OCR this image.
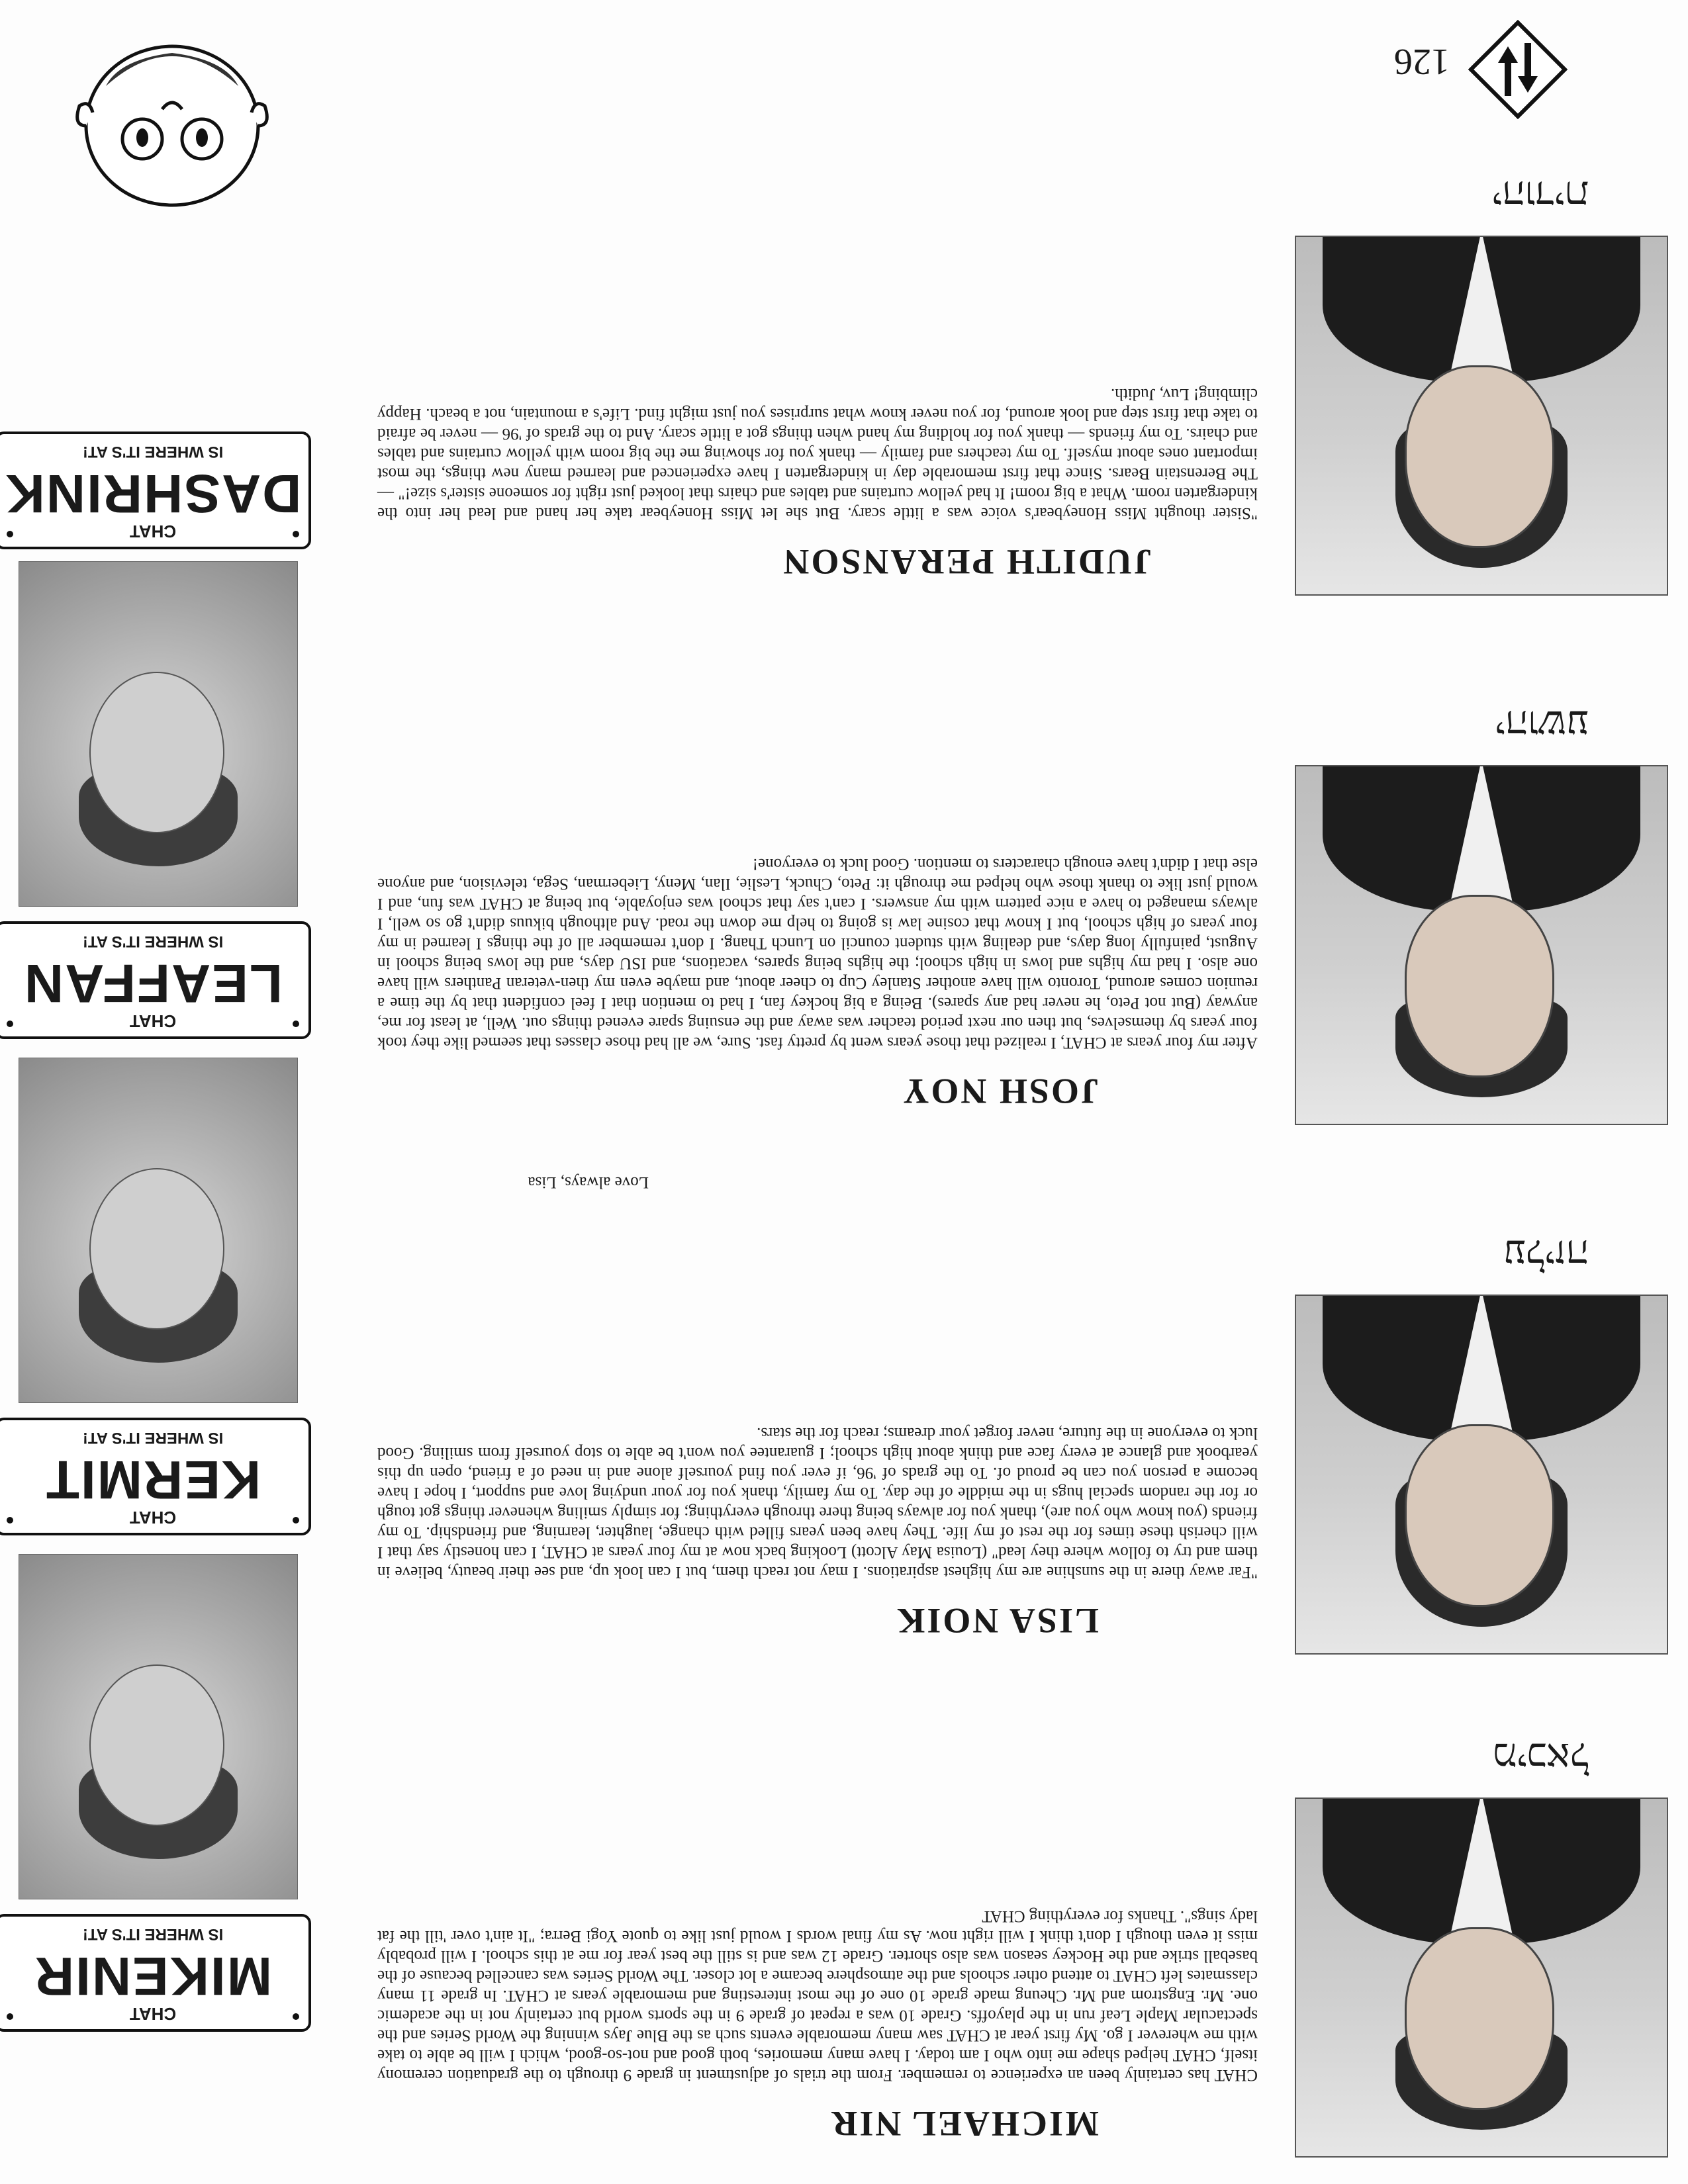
126
מיכאל
MICHAEL NIR

CHAT has certainly been an experience to remember. From the trials of adjustment in grade 9 through to the graduation ceremony itself, CHAT helped shape me into who I am today. I have many memories, both good and not-so-good, which I will be able to take with me wherever I go. My first year at CHAT saw many memorable events such as the Blue Jays winning the World Series and the spectacular Maple Leaf run in the playoffs. Grade 10 was a repeat of grade 9 in the sports world but certainly not in the academic one. Mr. Engstrom and Mr. Cheung made grade 10 one of the most interesting and memorable years at CHAT. In grade 11 many classmates left CHAT to attend other schools and the atmosphere became a lot closer. The World Series was cancelled because of the baseball strike and the Hockey season was also shorter. Grade 12 was and is still the best year for me at this school. I will probably miss it even though I don't think I will right now. As my final words I would just like to quote Yogi Berra; "It ain't over 'till the fat lady sings". Thanks for everything CHAT

עליזה
LISA NOIK

"Far away there in the sunshine are my highest aspirations. I may not reach them, but I can look up, and see their beauty, believe in them and try to follow where they lead" (Louisa May Alcott) Looking back now at my four years at CHAT, I can honestly say that I will cherish these times for the rest of my life. They have been years filled with change, laughter, learning, and friendship. To my friends (you know who you are), thank you for always being there through everything; for simply smiling whenever things got tough or for the random special hugs in the middle of the day. To my family, thank you for your undying love and support, I hope I have become a person you can be proud of. To the grads of '96, if ever you find yourself alone and in need of a friend, open up this yearbook and glance at every face and think about high school; I guarantee you won't be able to stop yourself from smiling. Good luck to everyone in the future, never forget your dreams; reach for the stars.

Love always, Lisa
יהושע
JOSH NOY

After my four years at CHAT, I realized that those years went by pretty fast. Sure, we all had those classes that seemed like they took four years by themselves, but then our next period teacher was away and the ensuing spare evened things out. Well, at least for me, anyway (But not Peto, he never had any spares). Being a big hockey fan, I had to mention that I feel confident that by the time a reunion comes around, Toronto will have another Stanley Cup to cheer about, and maybe even my then-veteran Panthers will have one also. I had my highs and lows in high school; the highs being spares, vacations, and ISU days, and the lows being school in August, painfully long days, and dealing with student council on Lunch Thang. I don't remember all of the things I learned in my four years of high school, but I know that cosine law is going to help me down the road. And although bikuus didn't go so well, I always managed to have a nice pattern with my answers. I can't say that school was enjoyable, but being at CHAT was fun, and I would just like to thank those who helped me through it: Peto, Chuck, Leslie, Ilan, Meny, Lieberman, Sega, television, and anyone else that I didn't have enough characters to mention. Good luck to everyone!

יהודית
JUDITH PERANSON

"Sister thought Miss Honeybear's voice was a little scary. But she let Miss Honeybear take her hand and lead her into the kindergarten room. What a big room! It had yellow curtains and tables and chairs that looked just right for someone sister's size!" — The Berenstain Bears. Since that first memorable day in kindergarten I have experienced and learned many new things, the most important ones about myself. To my teachers and family — thank you for showing me the big room with yellow curtains and tables and chairs. To my friends — thank you for holding my hand when things got a little scary. And to the grads of '96 — never be afraid to take that first step and look around, for you never know what surprises you just might find. Life's a mountain, not a beach. Happy climbing! Luv, Judith.

CHAT
MIKENIR
IS WHERE IT'S AT!
CHAT
KERMIT
IS WHERE IT'S AT!
CHAT
LEAFFAN
IS WHERE IT'S AT!
CHAT
DASHRINK
IS WHERE IT'S AT!
